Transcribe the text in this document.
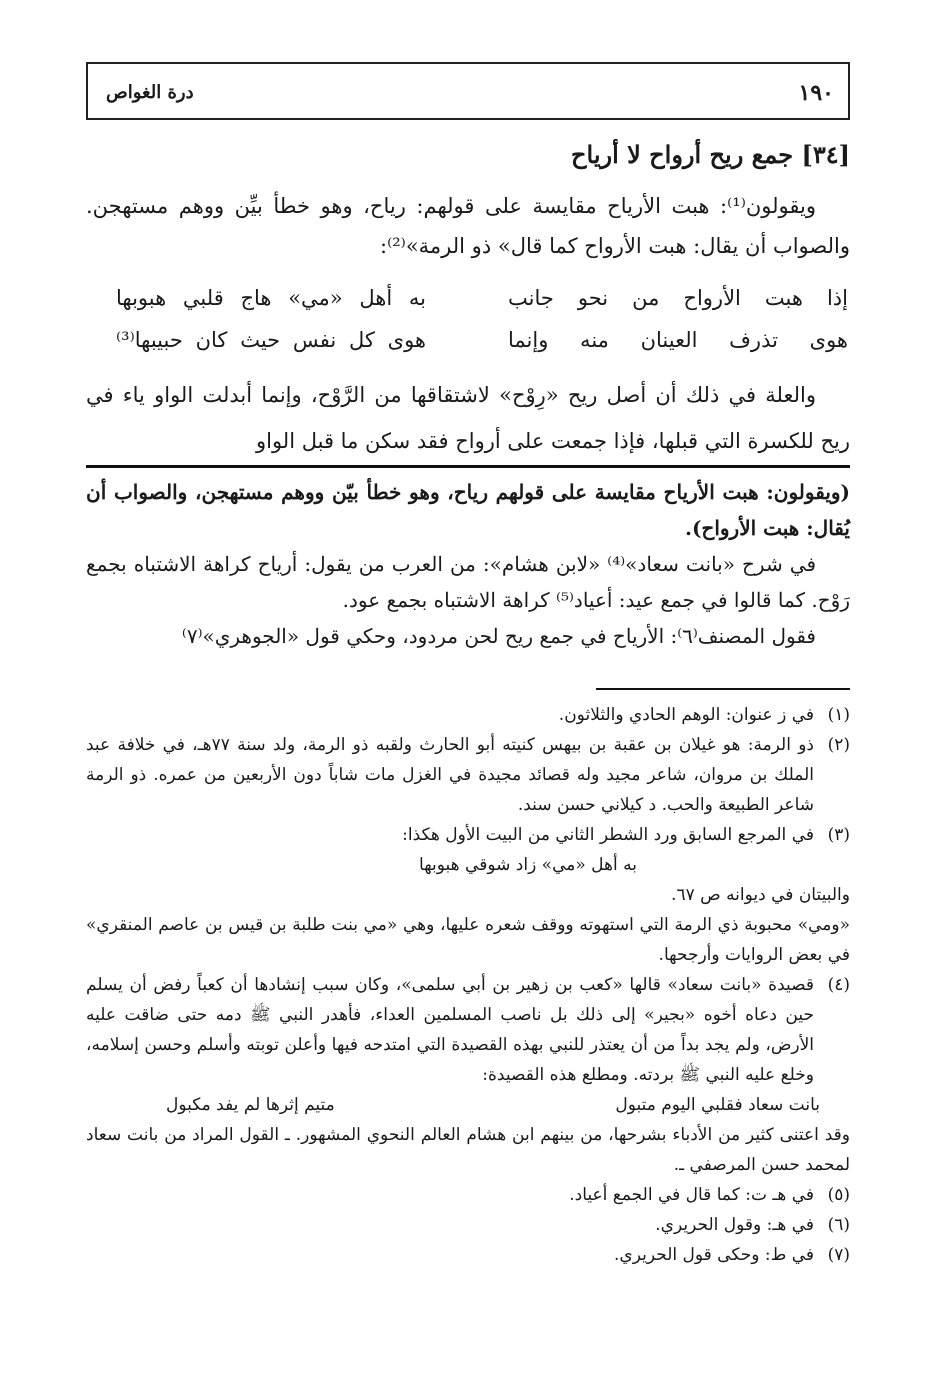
١٩٠
درة الغواص
[٣٤] جمع ريح أرواح لا أرياح
ويقولون⁽¹⁾: هبت الأرياح مقايسة على قولهم: رياح، وهو خطأ بيِّن ووهم مستهجن. والصواب أن يقال: هبت الأرواح كما قال» ذو الرمة»⁽²⁾:
إذا هبت الأرواح من نحو جانب
به أهل «مي» هاج قلبي هبوبها
هوى تذرف العينان منه وإنما
هوى كل نفس حيث كان حبيبها⁽³⁾
والعلة في ذلك أن أصل ريح «رِوْح» لاشتقاقها من الرَّوْح، وإنما أبدلت الواو ياء في ريح للكسرة التي قبلها، فإذا جمعت على أرواح فقد سكن ما قبل الواو
(ويقولون: هبت الأرياح مقايسة على قولهم رياح، وهو خطأ بيّن ووهم مستهجن، والصواب أن يُقال: هبت الأرواح).
في شرح «بانت سعاد»⁽⁴⁾ «لابن هشام»: من العرب من يقول: أرياح كراهة الاشتباه بجمع رَوْح. كما قالوا في جمع عيد: أعياد⁽⁵⁾ كراهة الاشتباه بجمع عود.
فقول المصنف⁽٦⁾: الأرياح في جمع ريح لحن مردود، وحكي قول «الجوهري»⁽٧⁾
(١)
في ز عنوان: الوهم الحادي والثلاثون.
(٢)
ذو الرمة: هو غيلان بن عقبة بن بيهس كنيته أبو الحارث ولقبه ذو الرمة، ولد سنة ٧٧هـ، في خلافة عبد الملك بن مروان، شاعر مجيد وله قصائد مجيدة في الغزل مات شاباً دون الأربعين من عمره. ذو الرمة شاعر الطبيعة والحب. د كيلاني حسن سند.
(٣)
في المرجع السابق ورد الشطر الثاني من البيت الأول هكذا:
به أهل «مي» زاد شوقي هبوبها
والبيتان في ديوانه ص ٦٧.
«ومي» محبوبة ذي الرمة التي استهوته ووقف شعره عليها، وهي «مي بنت طلبة بن قيس بن عاصم المنقري» في بعض الروايات وأرجحها.
(٤)
قصيدة «بانت سعاد» قالها «كعب بن زهير بن أبي سلمى»، وكان سبب إنشادها أن كعباً رفض أن يسلم حين دعاه أخوه «بجير» إلى ذلك بل ناصب المسلمين العداء، فأهدر النبي ﷺ دمه حتى ضاقت عليه الأرض، ولم يجد بداً من أن يعتذر للنبي بهذه القصيدة التي امتدحه فيها وأعلن توبته وأسلم وحسن إسلامه، وخلع عليه النبي ﷺ بردته. ومطلع هذه القصيدة:
بانت سعاد فقلبي اليوم متبول
متيم إثرها لم يفد مكبول
وقد اعتنى كثير من الأدباء بشرحها، من بينهم ابن هشام العالم النحوي المشهور. ـ القول المراد من بانت سعاد لمحمد حسن المرصفي ـ.
(٥)
في هـ ت: كما قال في الجمع أعياد.
(٦)
في هـ: وقول الحريري.
(٧)
في ط: وحكى قول الحريري.
